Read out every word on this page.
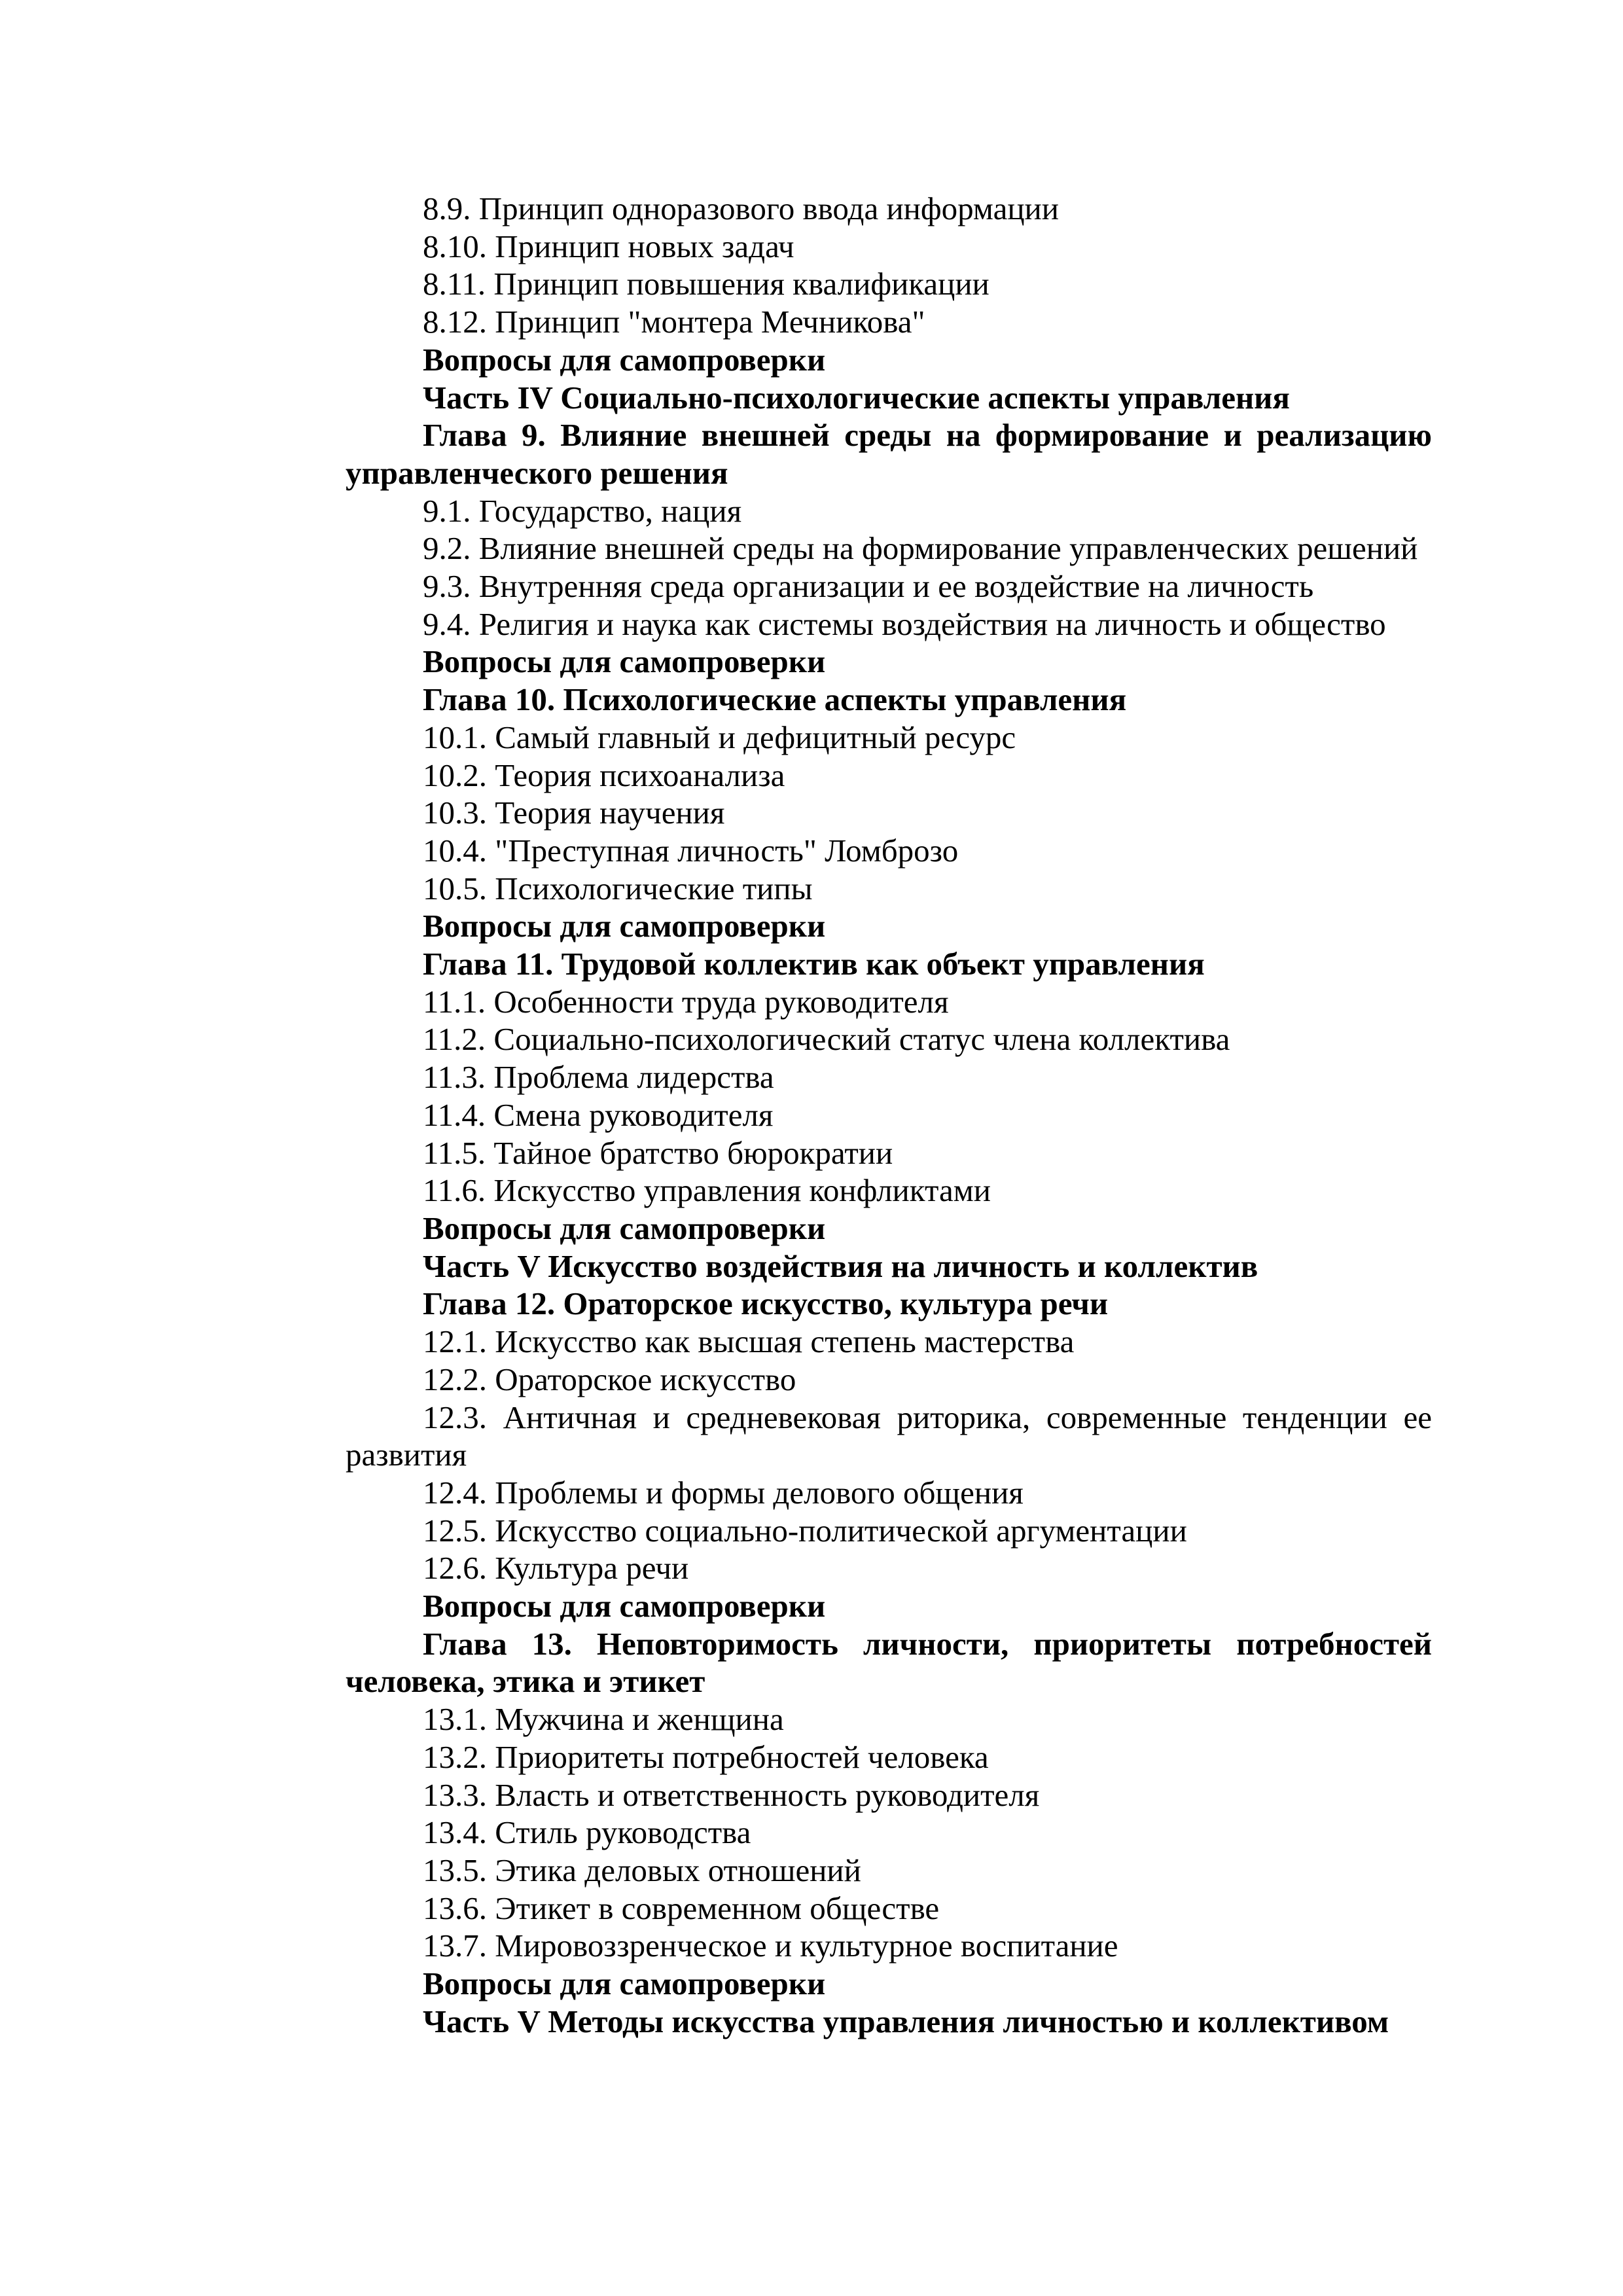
8.9. Принцип одноразового ввода информации

8.10. Принцип новых задач

8.11. Принцип повышения квалификации

8.12. Принцип "монтера Мечникова"

Вопросы для самопроверки

Часть IV Социально-психологические аспекты управления

Глава 9. Влияние внешней среды на формирование и реализацию управленческого решения

9.1. Государство, нация

9.2. Влияние внешней среды на формирование управленческих решений

9.3. Внутренняя среда организации и ее воздействие на личность

9.4. Религия и наука как системы воздействия на личность и общество

Вопросы для самопроверки

Глава 10. Психологические аспекты управления

10.1. Самый главный и дефицитный ресурс

10.2. Теория психоанализа

10.3. Теория научения

10.4. "Преступная личность" Ломброзо

10.5. Психологические типы

Вопросы для самопроверки

Глава 11. Трудовой коллектив как объект управления

11.1. Особенности труда руководителя

11.2. Социально-психологический статус члена коллектива

11.3. Проблема лидерства

11.4. Смена руководителя

11.5. Тайное братство бюрократии

11.6. Искусство управления конфликтами

Вопросы для самопроверки

Часть V Искусство воздействия на личность и коллектив

Глава 12. Ораторское искусство, культура речи

12.1. Искусство как высшая степень мастерства

12.2. Ораторское искусство

12.3. Античная и средневековая риторика, современные тенденции ее развития

12.4. Проблемы и формы делового общения

12.5. Искусство социально-политической аргументации

12.6. Культура речи

Вопросы для самопроверки

Глава 13. Неповторимость личности, приоритеты потребностей человека, этика и этикет

13.1. Мужчина и женщина

13.2. Приоритеты потребностей человека

13.3. Власть и ответственность руководителя

13.4. Стиль руководства

13.5. Этика деловых отношений

13.6. Этикет в современном обществе

13.7. Мировоззренческое и культурное воспитание

Вопросы для самопроверки

Часть V Методы искусства управления личностью и коллективом
